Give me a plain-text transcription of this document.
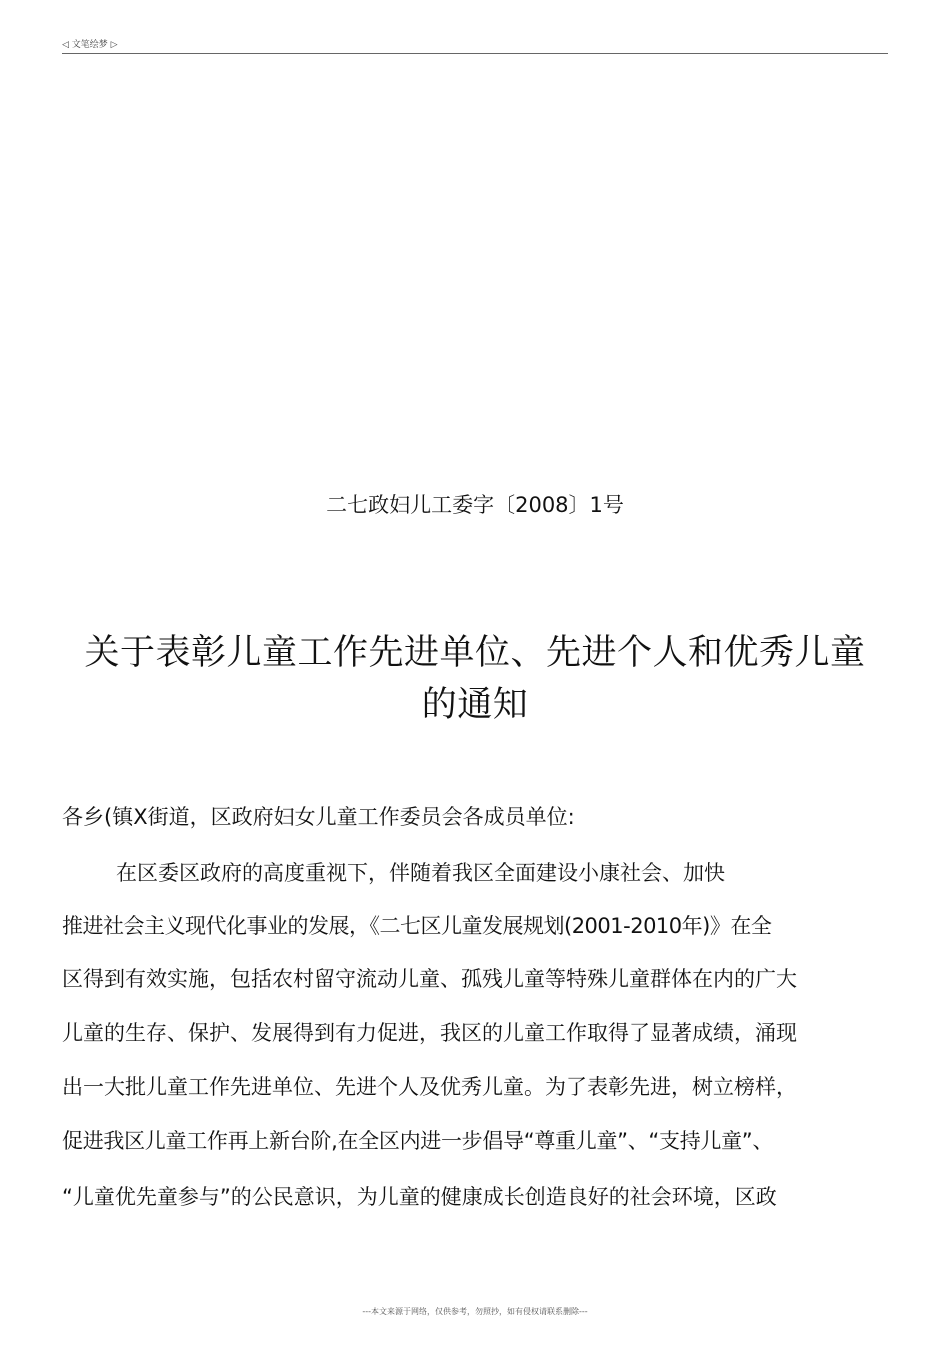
◁ 文笔绘梦 ▷
二七政妇儿工委字〔2008〕1号
关于表彰儿童工作先进单位、先进个人和优秀儿童
的通知
各乡(镇X街道，区政府妇女儿童工作委员会各成员单位:
在区委区政府的高度重视下，伴随着我区全面建设小康社会、加快
推进社会主义现代化事业的发展，《二七区儿童发展规划(2001-2010年)》在全
区得到有效实施，包括农村留守流动儿童、孤残儿童等特殊儿童群体在内的广大
儿童的生存、保护、发展得到有力促进，我区的儿童工作取得了显著成绩，涌现
出一大批儿童工作先进单位、先进个人及优秀儿童。为了表彰先进，树立榜样，
促进我区儿童工作再上新台阶,在全区内进一步倡导“尊重儿童”、“支持儿童”、
“儿童优先童参与”的公民意识，为儿童的健康成长创造良好的社会环境，区政
---本文来源于网络，仅供参考，勿照抄，如有侵权请联系删除---
